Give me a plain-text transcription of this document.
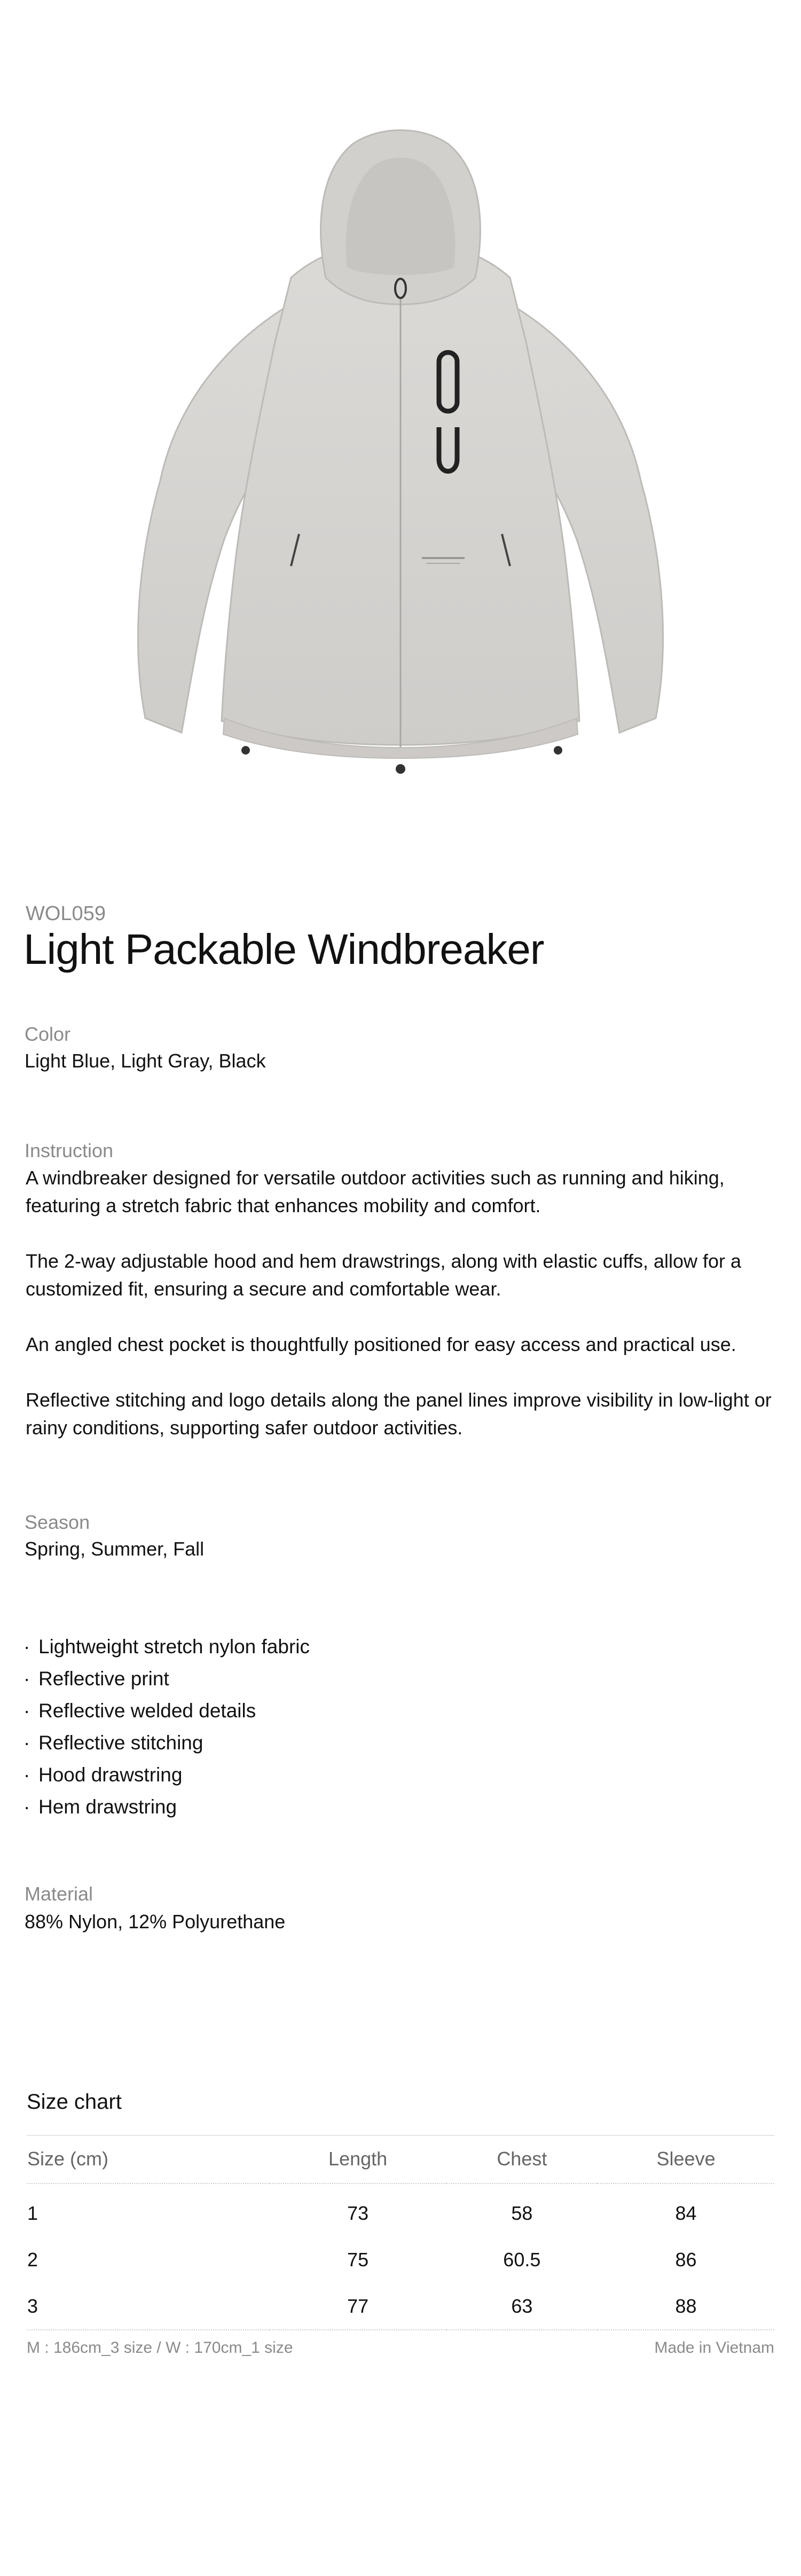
WOL059
Light Packable Windbreaker
Color
Light Blue, Light Gray, Black
Instruction
A windbreaker designed for versatile outdoor activities such as running and hiking, featuring a stretch fabric that enhances mobility and comfort.
The 2-way adjustable hood and hem drawstrings, along with elastic cuffs, allow for a customized fit, ensuring a secure and comfortable wear.
An angled chest pocket is thoughtfully positioned for easy access and practical use.
Reflective stitching and logo details along the panel lines improve visibility in low-light or rainy conditions, supporting safer outdoor activities.
Season
Spring, Summer, Fall
· Lightweight stretch nylon fabric
· Reflective print
· Reflective welded details
· Reflective stitching
· Hood drawstring
· Hem drawstring
Material
88% Nylon, 12% Polyurethane
Size chart
Size (cm)	Length	Chest	Sleeve
1	73	58	84
2	75	60.5	86
3	77	63	88
M : 186cm_3 size / W : 170cm_1 size	Made in Vietnam
